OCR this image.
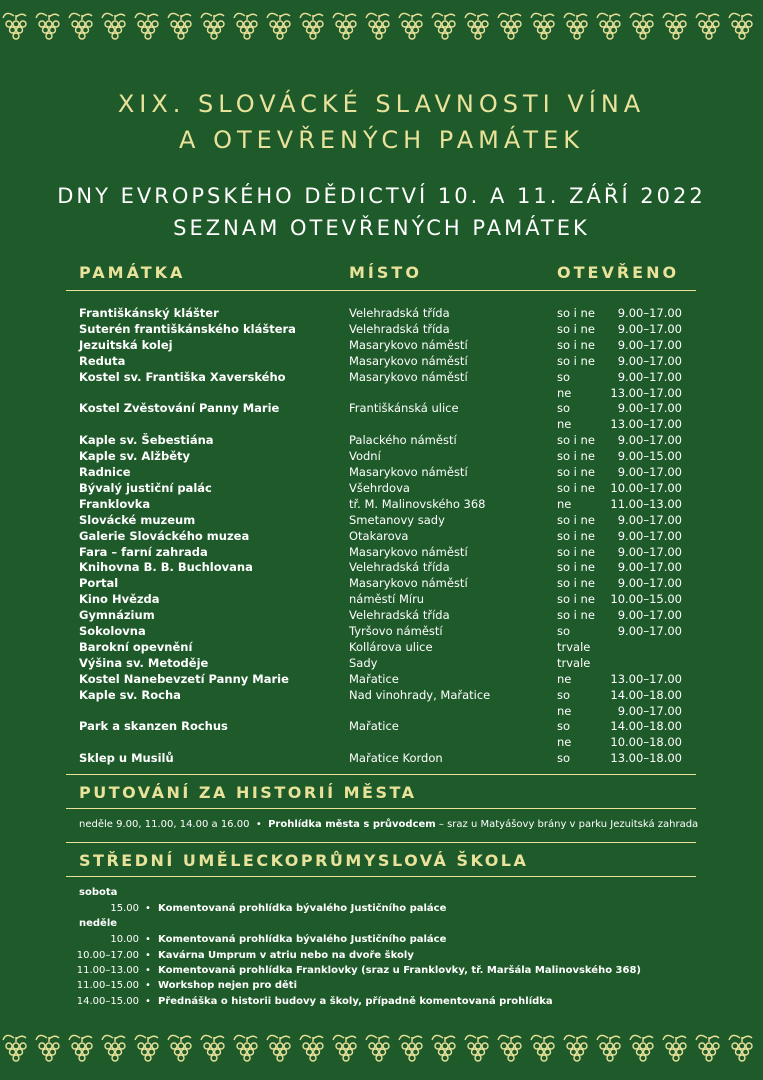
XIX. SLOVÁCKÉ SLAVNOSTI VÍNA
A OTEVŘENÝCH PAMÁTEK
DNY EVROPSKÉHO DĚDICTVÍ 10. A 11. ZÁŘÍ 2022
SEZNAM OTEVŘENÝCH PAMÁTEK
PAMÁTKA	MÍSTO	OTEVŘENO
Františkánský klášter	Velehradská třída	so i ne 9.00–17.00
Suterén františkánského kláštera	Velehradská třída	so i ne 9.00–17.00
Jezuitská kolej	Masarykovo náměstí	so i ne 9.00–17.00
Reduta	Masarykovo náměstí	so i ne 9.00–17.00
Kostel sv. Františka Xaverského	Masarykovo náměstí	so	9.00–17.00
ne	13.00–17.00
Kostel Zvěstování Panny Marie	Františkánská ulice	so	9.00–17.00
ne	13.00–17.00
Kaple sv. Šebestiána	Palackého náměstí	so i ne 9.00–17.00
Kaple sv. Alžběty	Vodní	so i ne 9.00–15.00
Radnice	Masarykovo náměstí	so i ne 9.00–17.00
Bývalý justiční palác	Všehrdova	so i ne 10.00–17.00
Franklovka	tř. M. Malinovského 368	ne	11.00–13.00
Slovácké muzeum	Smetanovy sady	so i ne 9.00–17.00
Galerie Slováckého muzea	Otakarova	so i ne 9.00–17.00
Fara – farní zahrada	Masarykovo náměstí	so i ne 9.00–17.00
Knihovna B. B. Buchlovana	Velehradská třída	so i ne 9.00–17.00
Portal	Masarykovo náměstí	so i ne 9.00–17.00
Kino Hvězda	náměstí Míru	so i ne 10.00–15.00
Gymnázium	Velehradská třída	so i ne 9.00–17.00
Sokolovna	Tyršovo náměstí	so	9.00–17.00
Barokní opevnění	Kollárova ulice	trvale
Výšina sv. Metoděje	Sady	trvale
Kostel Nanebevzetí Panny Marie	Mařatice	ne	13.00–17.00
Kaple sv. Rocha	Nad vinohrady, Mařatice	so	14.00–18.00
ne	9.00–17.00
Park a skanzen Rochus	Mařatice	so	14.00–18.00
ne	10.00–18.00
Sklep u Musilů	Mařatice Kordon	so	13.00–18.00
PUTOVÁNÍ ZA HISTORIÍ MĚSTA
neděle 9.00, 11.00, 14.00 a 16.00 • Prohlídka města s průvodcem – sraz u Matyášovy brány v parku Jezuitská zahrada
STŘEDNÍ UMĚLECKOPRŮMYSLOVÁ ŠKOLA
sobota
15.00 • Komentovaná prohlídka bývalého Justičního paláce
neděle
10.00 • Komentovaná prohlídka bývalého Justičního paláce
10.00–17.00 • Kavárna Umprum v atriu nebo na dvoře školy
11.00–13.00 • Komentovaná prohlídka Franklovky (sraz u Franklovky, tř. Maršála Malinovského 368)
11.00–15.00 • Workshop nejen pro děti
14.00–15.00 • Přednáška o historii budovy a školy, případně komentovaná prohlídka
